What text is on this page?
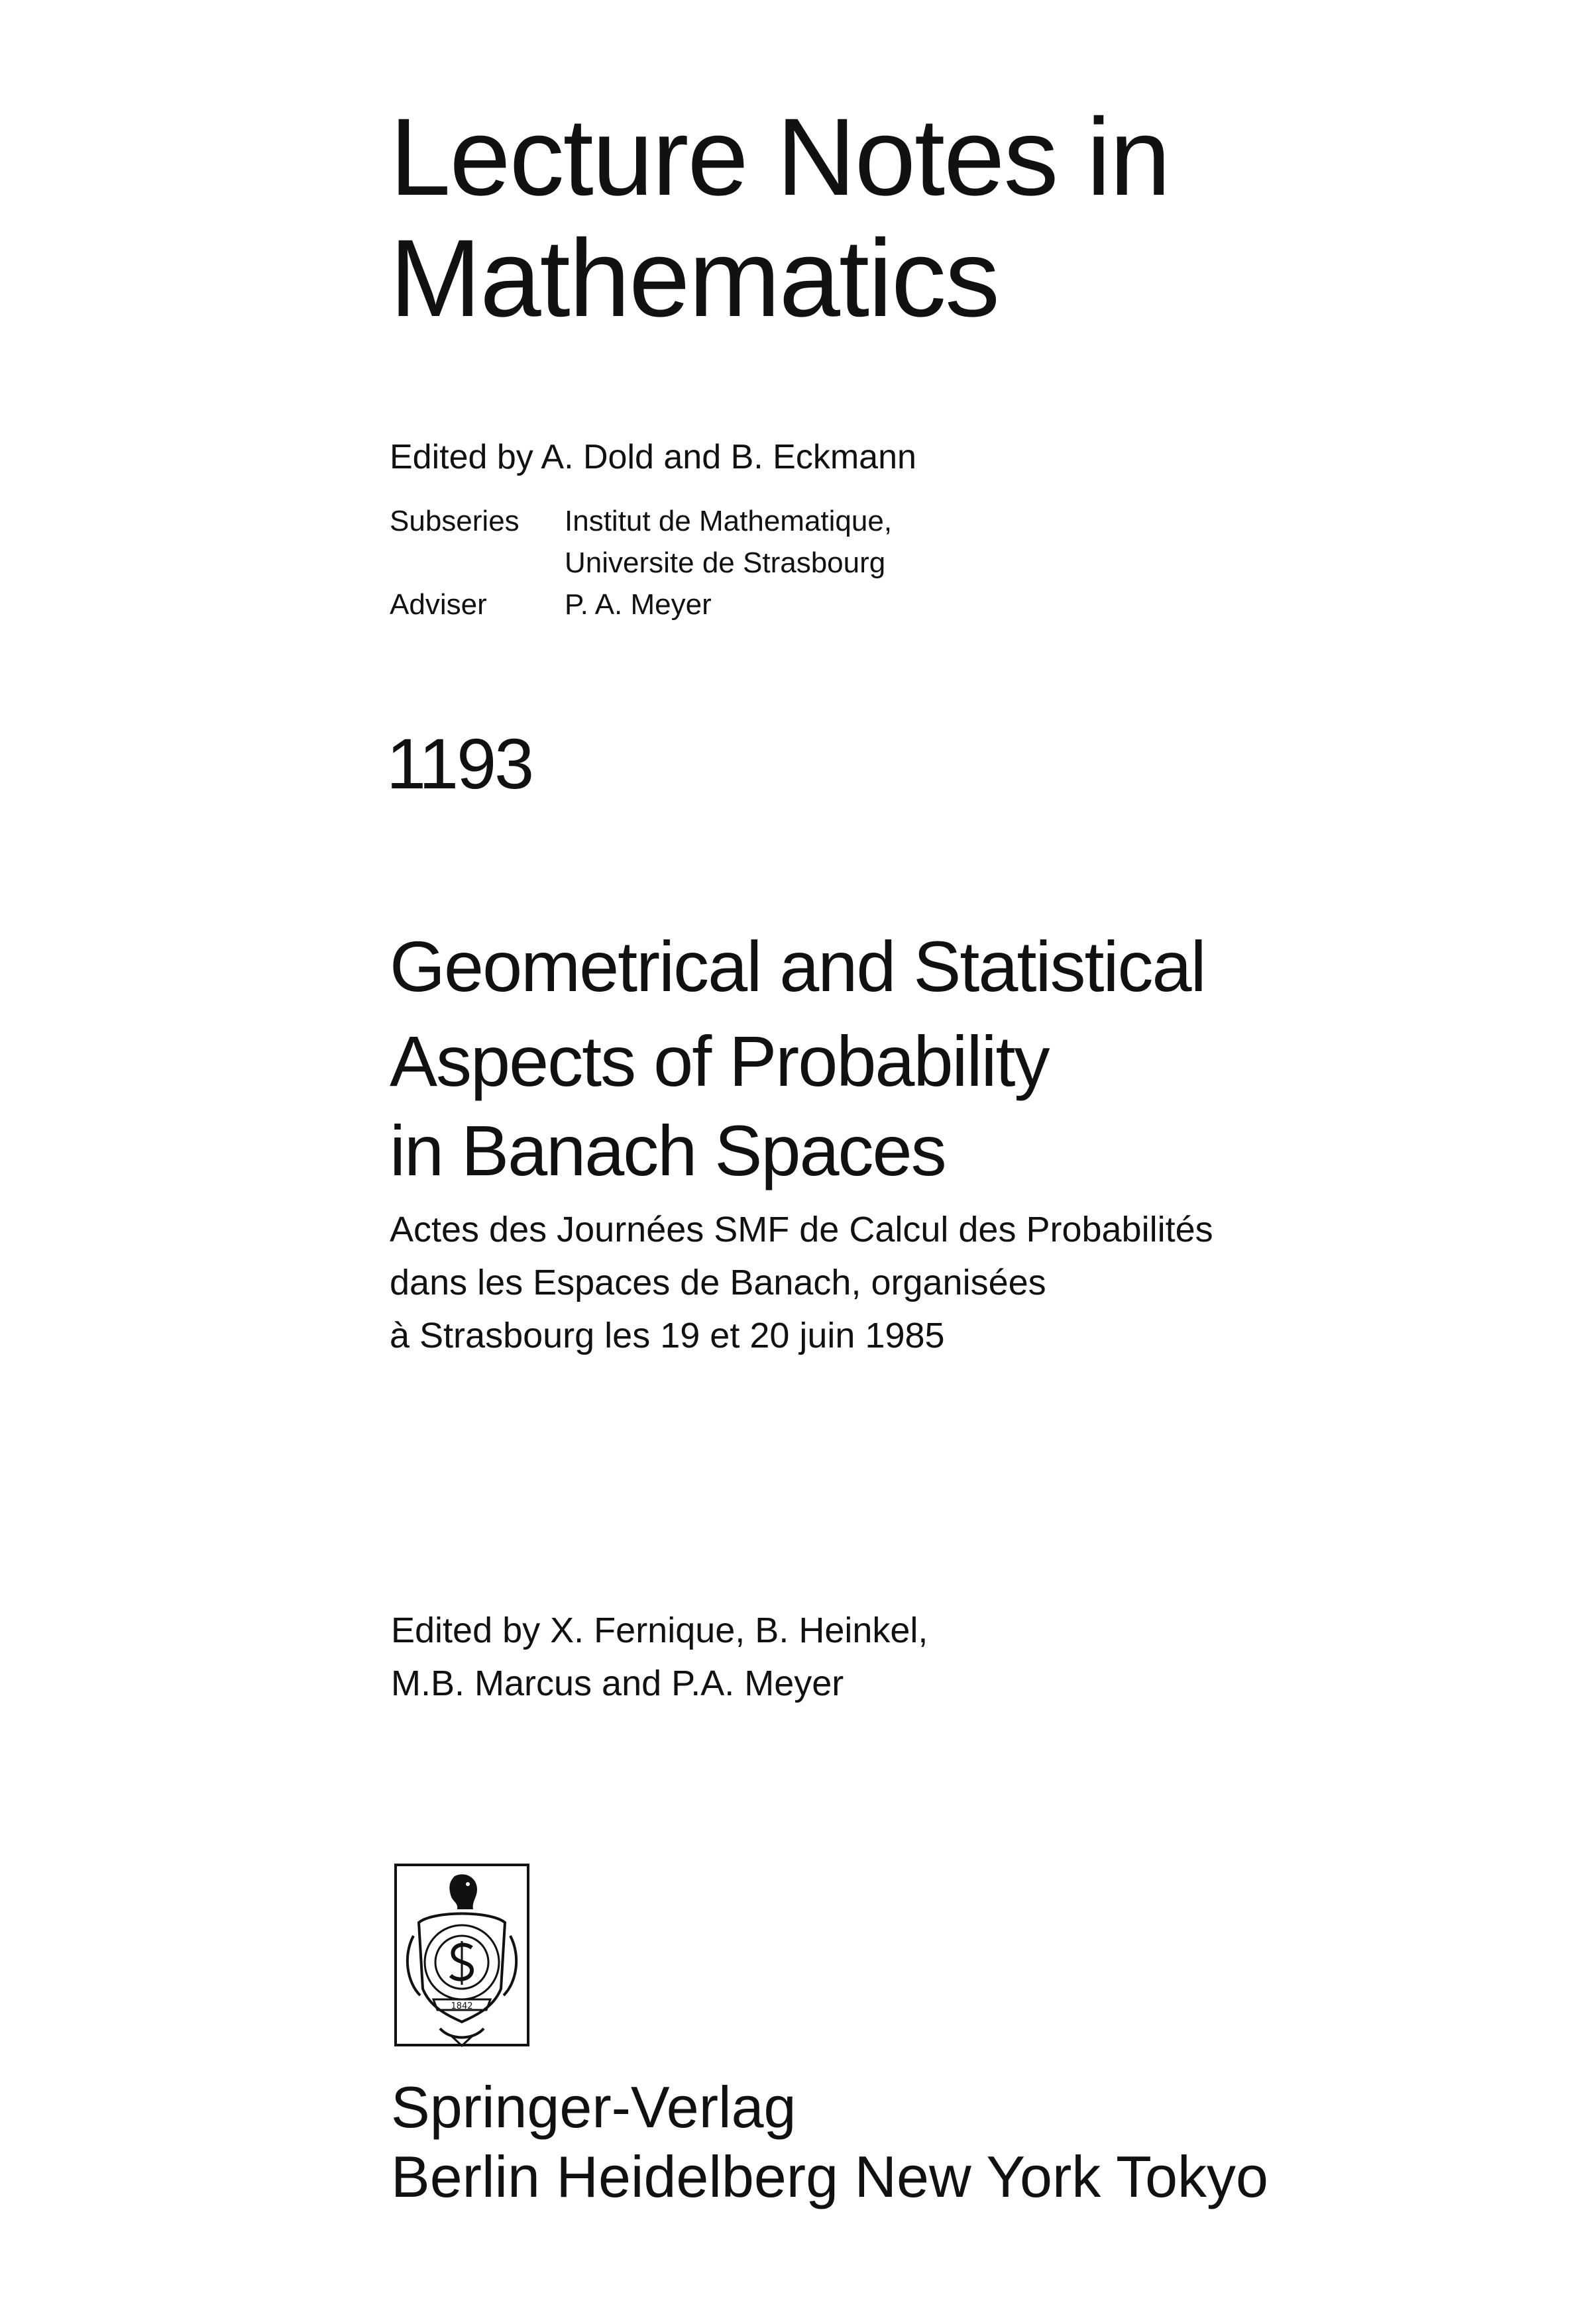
Lecture Notes in
Mathematics
Edited by A. Dold and B. Eckmann
Subseries Institut de Mathematique,
Universite de Strasbourg
Adviser	P. A. Meyer
1193
Geometrical and Statistical
Aspects of Probability
in Banach Spaces
Actes des Journées SMF de Calcul des Probabilités
dans les Espaces de Banach, organisées
à Strasbourg les 19 et 20 juin 1985
Edited by X. Fernique, B. Heinkel,
M.B. Marcus and P.A. Meyer
1842
Springer-Verlag
Berlin Heidelberg New York Tokyo
